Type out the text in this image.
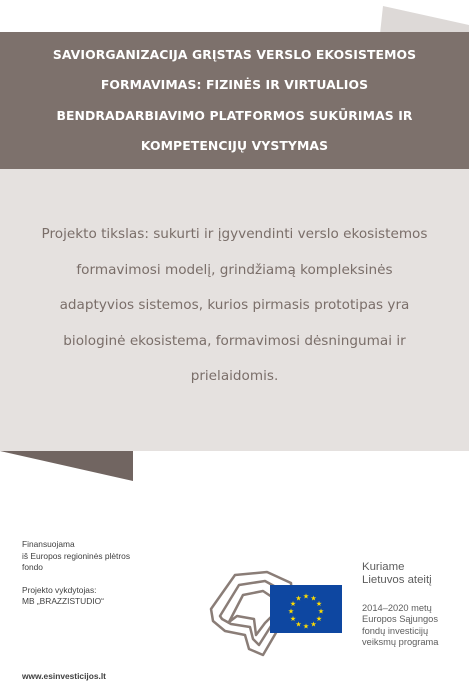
SAVIORGANIZACIJA GRĮSTAS VERSLO EKOSISTEMOS
FORMAVIMAS: FIZINĖS IR VIRTUALIOS
BENDRADARBIAVIMO PLATFORMOS SUKŪRIMAS IR
KOMPETENCIJŲ VYSTYMAS

Projekto tikslas: sukurti ir įgyvendinti verslo ekosistemos
formavimosi modelį, grindžiamą kompleksinės
adaptyvios sistemos, kurios pirmasis prototipas yra
biologinė ekosistema, formavimosi dėsningumai ir
prielaidomis.

Finansuojama
iš Europos regioninės plėtros
fondo

Projekto vykdytojas:
MB „BRAZZISTUDIO“

www.esinvesticijos.lt
★ ★
★
★
★
★
★
★
★
★
★
★

Kuriame
Lietuvos ateitį

2014–2020 metų
Europos Sąjungos
fondų investicijų
veiksmų programa
